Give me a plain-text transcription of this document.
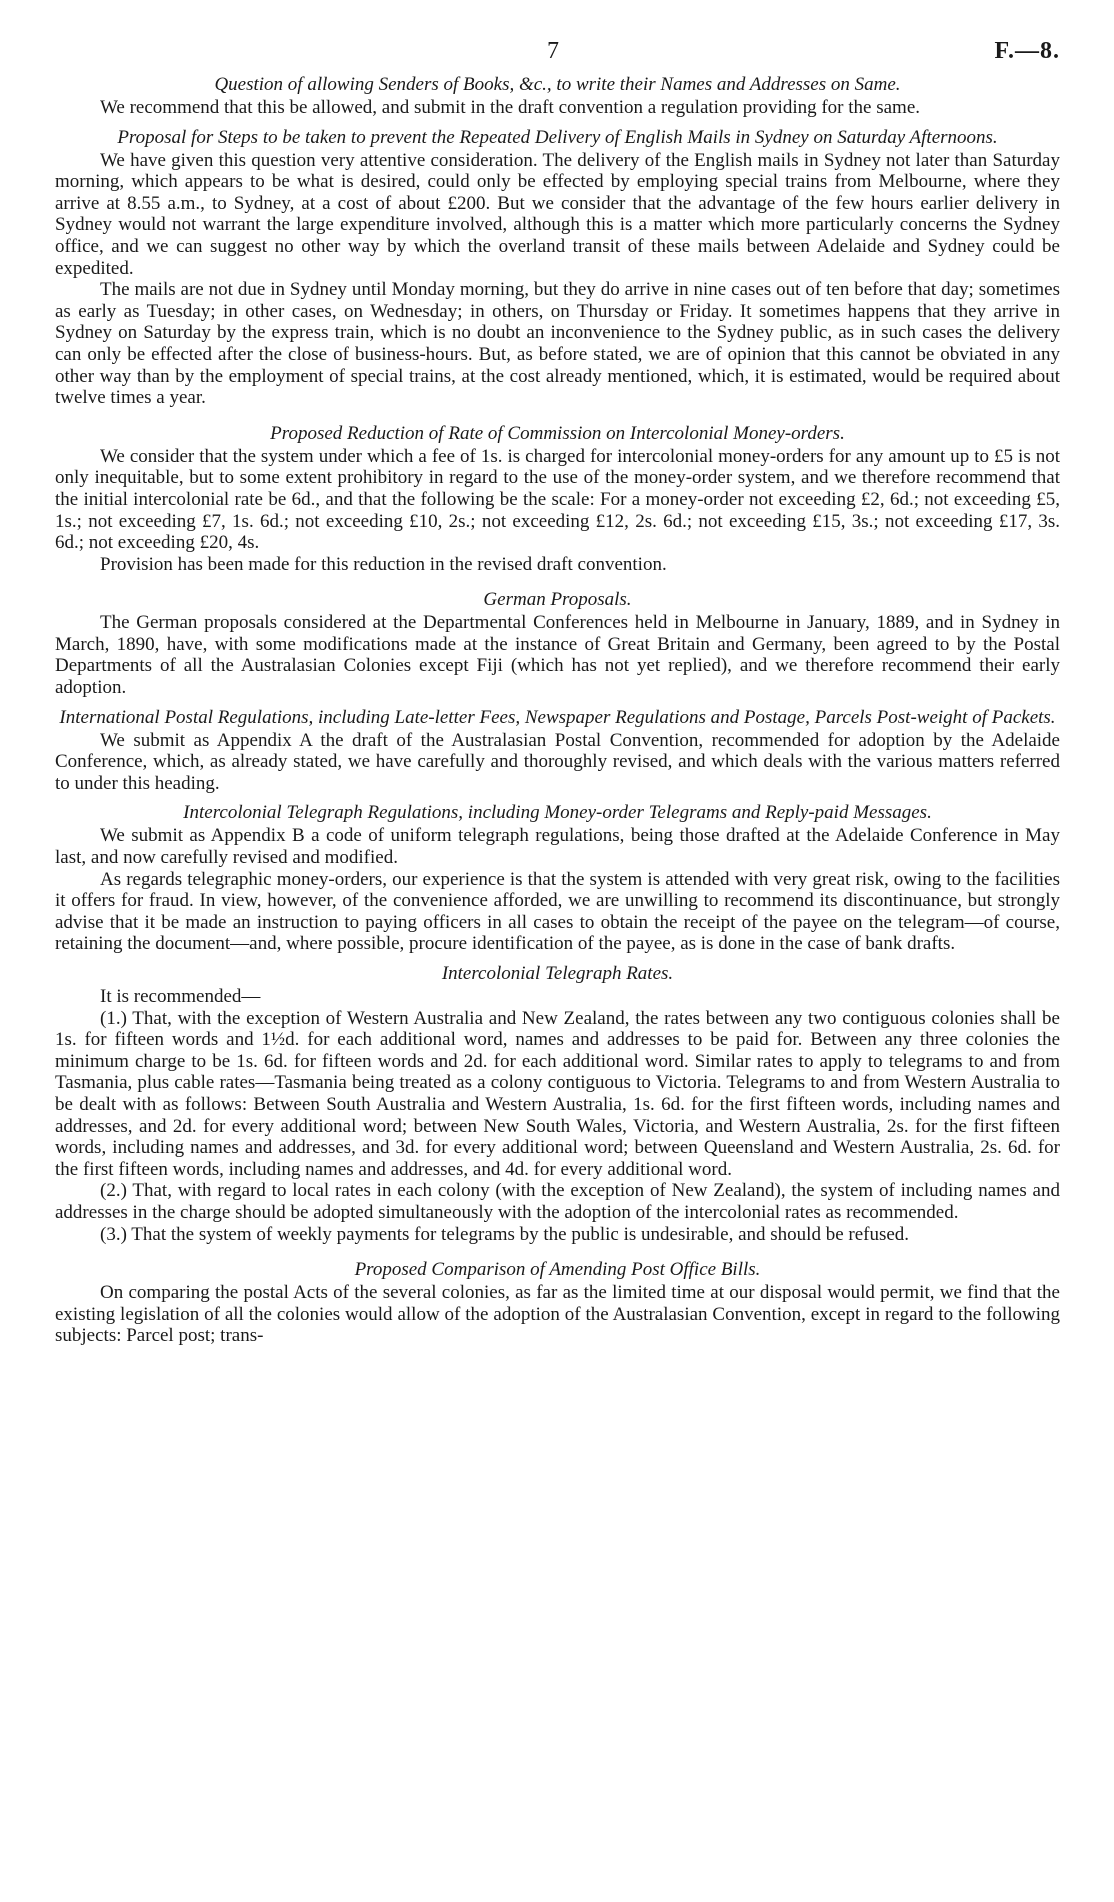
7	F.—8.
Question of allowing Senders of Books, &c., to write their Names and Addresses on Same.

We recommend that this be allowed, and submit in the draft convention a regulation providing for the same.

Proposal for Steps to be taken to prevent the Repeated Delivery of English Mails in Sydney on Saturday Afternoons.

We have given this question very attentive consideration. The delivery of the English mails in Sydney not later than Saturday morning, which appears to be what is desired, could only be effected by employing special trains from Melbourne, where they arrive at 8.55 a.m., to Sydney, at a cost of about £200. But we consider that the advantage of the few hours earlier delivery in Sydney would not warrant the large expenditure involved, although this is a matter which more particularly concerns the Sydney office, and we can suggest no other way by which the overland transit of these mails between Adelaide and Sydney could be expedited.

The mails are not due in Sydney until Monday morning, but they do arrive in nine cases out of ten before that day; sometimes as early as Tuesday; in other cases, on Wednesday; in others, on Thursday or Friday. It sometimes happens that they arrive in Sydney on Saturday by the express train, which is no doubt an inconvenience to the Sydney public, as in such cases the delivery can only be effected after the close of business-hours. But, as before stated, we are of opinion that this cannot be obviated in any other way than by the employment of special trains, at the cost already mentioned, which, it is estimated, would be required about twelve times a year.

Proposed Reduction of Rate of Commission on Intercolonial Money-orders.

We consider that the system under which a fee of 1s. is charged for intercolonial money-orders for any amount up to £5 is not only inequitable, but to some extent prohibitory in regard to the use of the money-order system, and we therefore recommend that the initial intercolonial rate be 6d., and that the following be the scale: For a money-order not exceeding £2, 6d.; not exceeding £5, 1s.; not exceeding £7, 1s. 6d.; not exceeding £10, 2s.; not exceeding £12, 2s. 6d.; not exceeding £15, 3s.; not exceeding £17, 3s. 6d.; not exceeding £20, 4s.

Provision has been made for this reduction in the revised draft convention.

German Proposals.

The German proposals considered at the Departmental Conferences held in Melbourne in January, 1889, and in Sydney in March, 1890, have, with some modifications made at the instance of Great Britain and Germany, been agreed to by the Postal Departments of all the Australasian Colonies except Fiji (which has not yet replied), and we therefore recommend their early adoption.

International Postal Regulations, including Late-letter Fees, Newspaper Regulations and Postage, Parcels Post-weight of Packets.

We submit as Appendix A the draft of the Australasian Postal Convention, recommended for adoption by the Adelaide Conference, which, as already stated, we have carefully and thoroughly revised, and which deals with the various matters referred to under this heading.

Intercolonial Telegraph Regulations, including Money-order Telegrams and Reply-paid Messages.

We submit as Appendix B a code of uniform telegraph regulations, being those drafted at the Adelaide Conference in May last, and now carefully revised and modified.

As regards telegraphic money-orders, our experience is that the system is attended with very great risk, owing to the facilities it offers for fraud. In view, however, of the convenience afforded, we are unwilling to recommend its discontinuance, but strongly advise that it be made an instruction to paying officers in all cases to obtain the receipt of the payee on the telegram—of course, retaining the document—and, where possible, procure identification of the payee, as is done in the case of bank drafts.

Intercolonial Telegraph Rates.

It is recommended—

(1.) That, with the exception of Western Australia and New Zealand, the rates between any two contiguous colonies shall be 1s. for fifteen words and 1½d. for each additional word, names and addresses to be paid for. Between any three colonies the minimum charge to be 1s. 6d. for fifteen words and 2d. for each additional word. Similar rates to apply to telegrams to and from Tasmania, plus cable rates—Tasmania being treated as a colony contiguous to Victoria. Telegrams to and from Western Australia to be dealt with as follows: Between South Australia and Western Australia, 1s. 6d. for the first fifteen words, including names and addresses, and 2d. for every additional word; between New South Wales, Victoria, and Western Australia, 2s. for the first fifteen words, including names and addresses, and 3d. for every additional word; between Queensland and Western Australia, 2s. 6d. for the first fifteen words, including names and addresses, and 4d. for every additional word.

(2.) That, with regard to local rates in each colony (with the exception of New Zealand), the system of including names and addresses in the charge should be adopted simultaneously with the adoption of the intercolonial rates as recommended.

(3.) That the system of weekly payments for telegrams by the public is undesirable, and should be refused.

Proposed Comparison of Amending Post Office Bills.

On comparing the postal Acts of the several colonies, as far as the limited time at our disposal would permit, we find that the existing legislation of all the colonies would allow of the adoption of the Australasian Convention, except in regard to the following subjects: Parcel post; trans-
